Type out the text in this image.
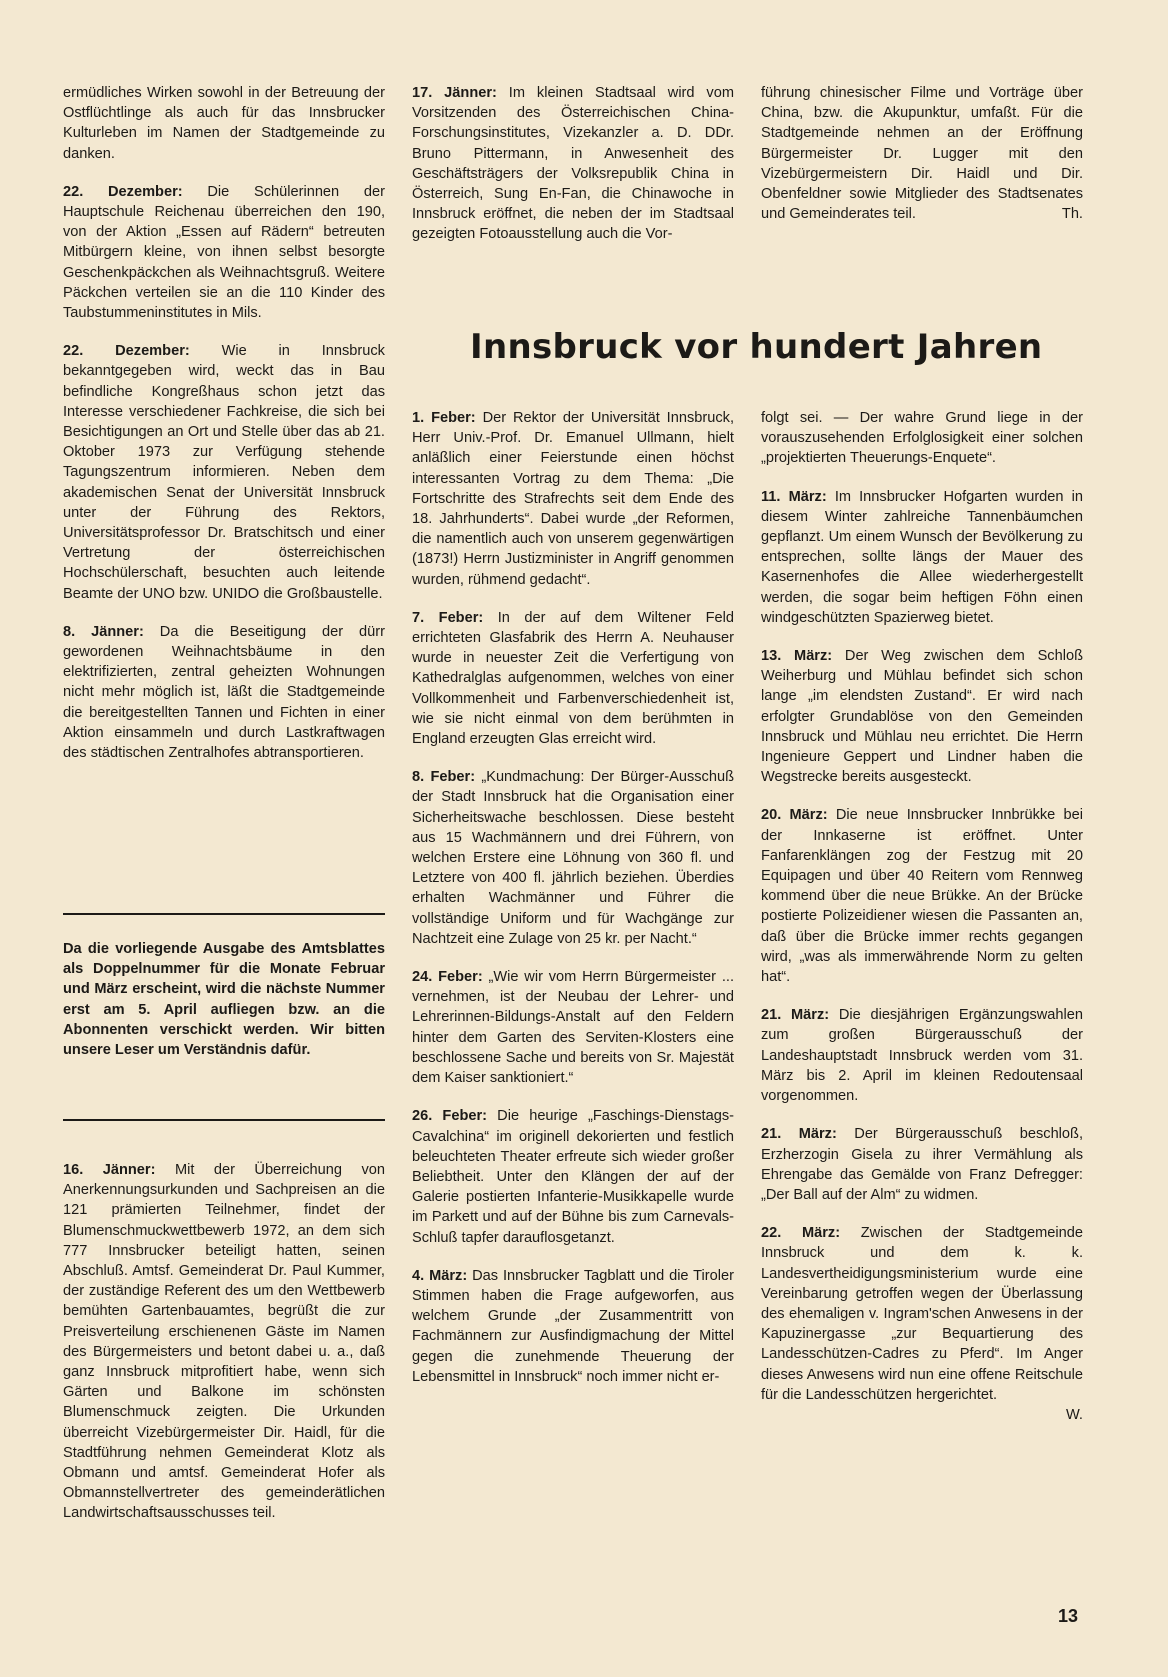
ermüdliches Wirken sowohl in der Betreuung der Ostflüchtlinge als auch für das Innsbrucker Kulturleben im Namen der Stadtgemeinde zu danken.

22. Dezember: Die Schülerinnen der Hauptschule Reichenau überreichen den 190, von der Aktion „Essen auf Rädern“ betreuten Mitbürgern kleine, von ihnen selbst besorgte Geschenkpäckchen als Weihnachtsgruß. Weitere Päckchen verteilen sie an die 110 Kinder des Taubstummeninstitutes in Mils.

22. Dezember: Wie in Innsbruck bekanntgegeben wird, weckt das in Bau befindliche Kongreßhaus schon jetzt das Interesse verschiedener Fachkreise, die sich bei Besichtigungen an Ort und Stelle über das ab 21. Oktober 1973 zur Verfügung stehende Tagungszentrum informieren. Neben dem akademischen Senat der Universität Innsbruck unter der Führung des Rektors, Universitätsprofessor Dr. Bratschitsch und einer Vertretung der österreichischen Hochschülerschaft, besuchten auch leitende Beamte der UNO bzw. UNIDO die Großbaustelle.

8. Jänner: Da die Beseitigung der dürr gewordenen Weihnachtsbäume in den elektrifizierten, zentral geheizten Wohnungen nicht mehr möglich ist, läßt die Stadtgemeinde die bereitgestellten Tannen und Fichten in einer Aktion einsammeln und durch Lastkraftwagen des städtischen Zentralhofes abtransportieren.

Da die vorliegende Ausgabe des Amtsblattes als Doppelnummer für die Monate Februar und März erscheint, wird die nächste Nummer erst am 5. April aufliegen bzw. an die Abonnenten verschickt werden. Wir bitten unsere Leser um Verständnis dafür.

16. Jänner: Mit der Überreichung von Anerkennungsurkunden und Sachpreisen an die 121 prämierten Teilnehmer, findet der Blumenschmuckwettbewerb 1972, an dem sich 777 Innsbrucker beteiligt hatten, seinen Abschluß. Amtsf. Gemeinderat Dr. Paul Kummer, der zuständige Referent des um den Wettbewerb bemühten Gartenbauamtes, begrüßt die zur Preisverteilung erschienenen Gäste im Namen des Bürgermeisters und betont dabei u. a., daß ganz Innsbruck mitprofitiert habe, wenn sich Gärten und Balkone im schönsten Blumenschmuck zeigten. Die Urkunden überreicht Vizebürgermeister Dir. Haidl, für die Stadtführung nehmen Gemeinderat Klotz als Obmann und amtsf. Gemeinderat Hofer als Obmannstellvertreter des gemeinderätlichen Landwirtschaftsausschusses teil.

17. Jänner: Im kleinen Stadtsaal wird vom Vorsitzenden des Österreichischen China-Forschungsinstitutes, Vizekanzler a. D. DDr. Bruno Pittermann, in Anwesenheit des Geschäftsträgers der Volksrepublik China in Österreich, Sung En-Fan, die Chinawoche in Innsbruck eröffnet, die neben der im Stadtsaal gezeigten Fotoausstellung auch die Vor-

führung chinesischer Filme und Vorträge über China, bzw. die Akupunktur, umfaßt. Für die Stadtgemeinde nehmen an der Eröffnung Bürgermeister Dr. Lugger mit den Vizebürgermeistern Dir. Haidl und Dir. Obenfeldner sowie Mitglieder des Stadtsenates und Gemeinderates teil.	Th.
Innsbruck vor hundert Jahren

1. Feber: Der Rektor der Universität Innsbruck, Herr Univ.-Prof. Dr. Emanuel Ullmann, hielt anläßlich einer Feierstunde einen höchst interessanten Vortrag zu dem Thema: „Die Fortschritte des Strafrechts seit dem Ende des 18. Jahrhunderts“. Dabei wurde „der Reformen, die namentlich auch von unserem gegenwärtigen (1873!) Herrn Justizminister in Angriff genommen wurden, rühmend gedacht“.

7. Feber: In der auf dem Wiltener Feld errichteten Glasfabrik des Herrn A. Neuhauser wurde in neuester Zeit die Verfertigung von Kathedralglas aufgenommen, welches von einer Vollkommenheit und Farbenverschiedenheit ist, wie sie nicht einmal von dem berühmten in England erzeugten Glas erreicht wird.

8. Feber: „Kundmachung: Der Bürger-Ausschuß der Stadt Innsbruck hat die Organisation einer Sicherheitswache beschlossen. Diese besteht aus 15 Wachmännern und drei Führern, von welchen Erstere eine Löhnung von 360 fl. und Letztere von 400 fl. jährlich beziehen. Überdies erhalten Wachmänner und Führer die vollständige Uniform und für Wachgänge zur Nachtzeit eine Zulage von 25 kr. per Nacht.“

24. Feber: „Wie wir vom Herrn Bürgermeister ... vernehmen, ist der Neubau der Lehrer- und Lehrerinnen-Bildungs-Anstalt auf den Feldern hinter dem Garten des Serviten-Klosters eine beschlossene Sache und bereits von Sr. Majestät dem Kaiser sanktioniert.“

26. Feber: Die heurige „Faschings-Dienstags-Cavalchina“ im originell dekorierten und festlich beleuchteten Theater erfreute sich wieder großer Beliebtheit. Unter den Klängen der auf der Galerie postierten Infanterie-Musikkapelle wurde im Parkett und auf der Bühne bis zum Carnevals-Schluß tapfer darauflosgetanzt.

4. März: Das Innsbrucker Tagblatt und die Tiroler Stimmen haben die Frage aufgeworfen, aus welchem Grunde „der Zusammentritt von Fachmännern zur Ausfindigmachung der Mittel gegen die zunehmende Theuerung der Lebensmittel in Innsbruck“ noch immer nicht er-

folgt sei. — Der wahre Grund liege in der vorauszusehenden Erfolglosigkeit einer solchen „projektierten Theuerungs-Enquete“.

11. März: Im Innsbrucker Hofgarten wurden in diesem Winter zahlreiche Tannenbäumchen gepflanzt. Um einem Wunsch der Bevölkerung zu entsprechen, sollte längs der Mauer des Kasernenhofes die Allee wiederhergestellt werden, die sogar beim heftigen Föhn einen windgeschützten Spazierweg bietet.

13. März: Der Weg zwischen dem Schloß Weiherburg und Mühlau befindet sich schon lange „im elendsten Zustand“. Er wird nach erfolgter Grundablöse von den Gemeinden Innsbruck und Mühlau neu errichtet. Die Herrn Ingenieure Geppert und Lindner haben die Wegstrecke bereits ausgesteckt.

20. März: Die neue Innsbrucker Innbrükke bei der Innkaserne ist eröffnet. Unter Fanfarenklängen zog der Festzug mit 20 Equipagen und über 40 Reitern vom Rennweg kommend über die neue Brükke. An der Brücke postierte Polizeidiener wiesen die Passanten an, daß über die Brücke immer rechts gegangen wird, „was als immerwährende Norm zu gelten hat“.

21. März: Die diesjährigen Ergänzungswahlen zum großen Bürgerausschuß der Landeshauptstadt Innsbruck werden vom 31. März bis 2. April im kleinen Redoutensaal vorgenommen.

21. März: Der Bürgerausschuß beschloß, Erzherzogin Gisela zu ihrer Vermählung als Ehrengabe das Gemälde von Franz Defregger: „Der Ball auf der Alm“ zu widmen.

22. März: Zwischen der Stadtgemeinde Innsbruck und dem k. k. Landesvertheidigungsministerium wurde eine Vereinbarung getroffen wegen der Überlassung des ehemaligen v. Ingram'schen Anwesens in der Kapuzinergasse „zur Bequartierung des Landesschützen-Cadres zu Pferd“. Im Anger dieses Anwesens wird nun eine offene Reitschule für die Landesschützen hergerichtet.

W.
13
